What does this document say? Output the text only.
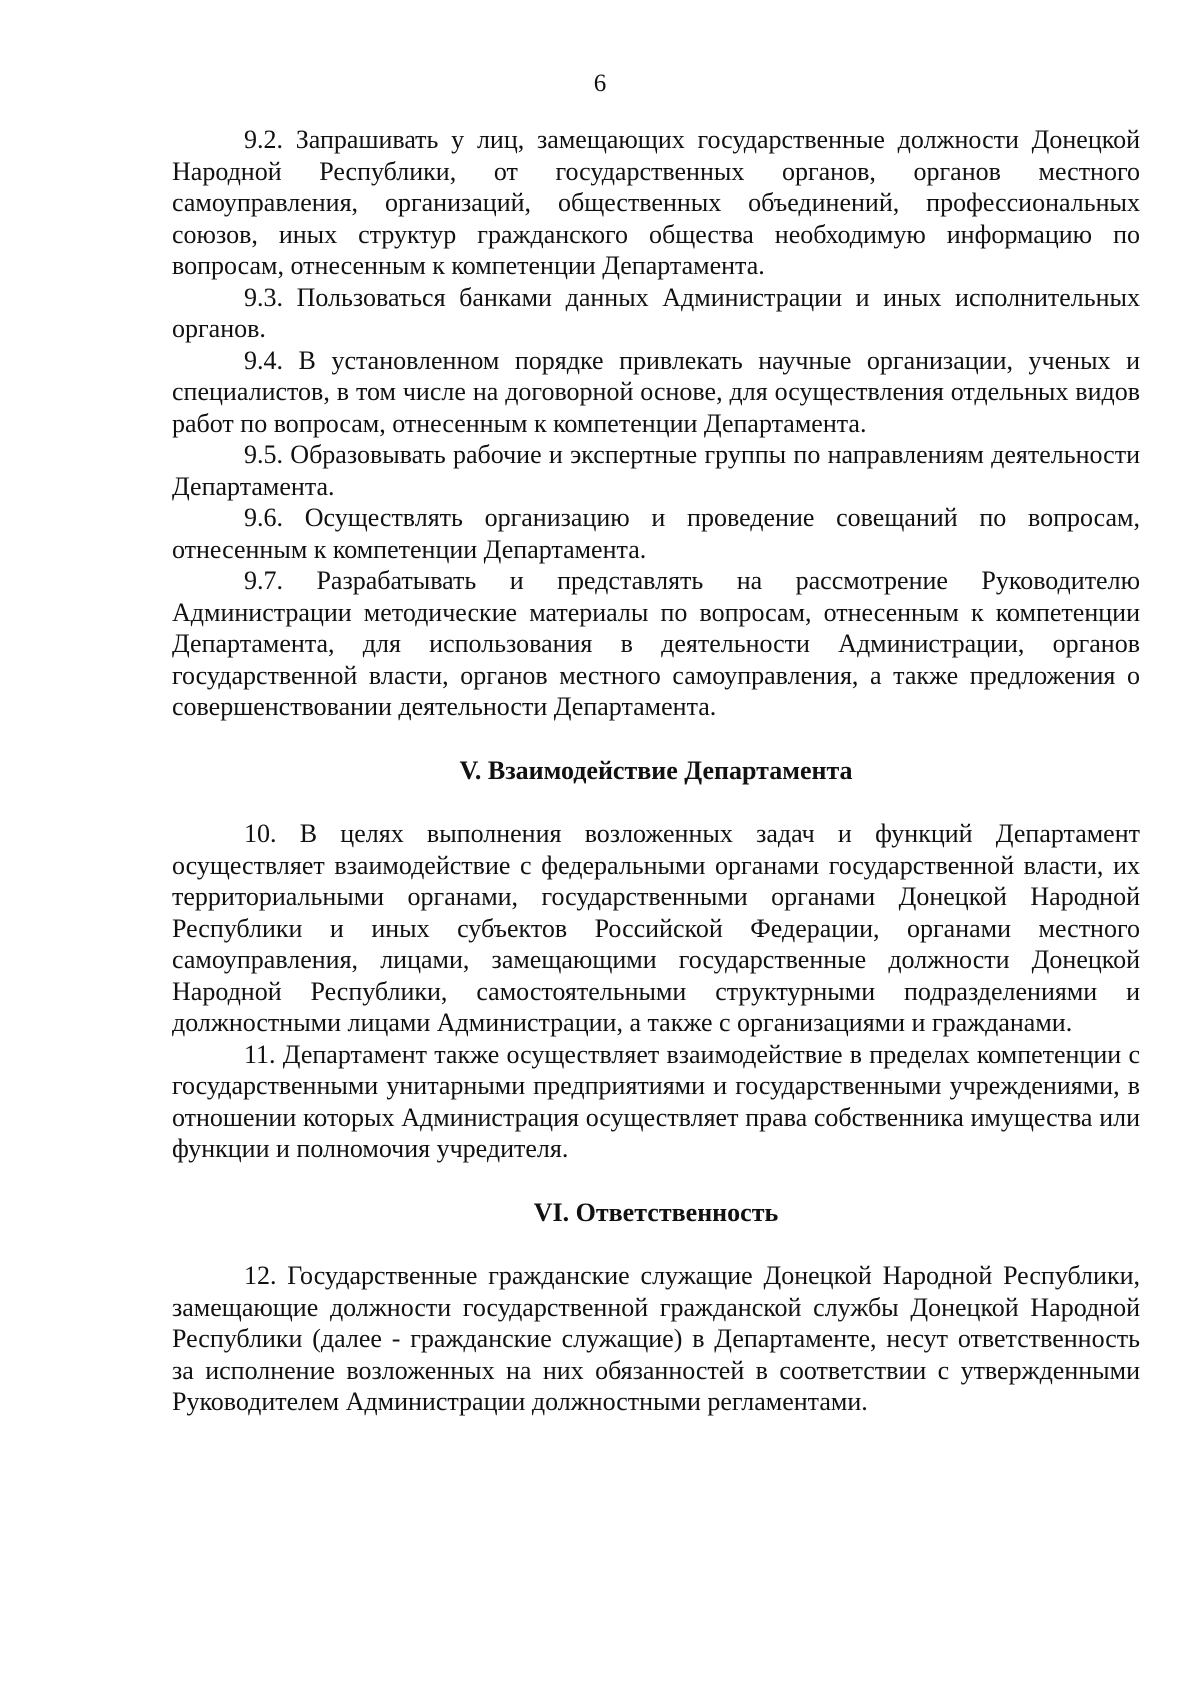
6

9.2. Запрашивать у лиц, замещающих государственные должности Донецкой Народной Республики, от государственных органов, органов местного самоуправления, организаций, общественных объединений, профессиональных союзов, иных структур гражданского общества необходимую информацию по вопросам, отнесенным к компетенции Департамента.

9.3. Пользоваться банками данных Администрации и иных исполнительных органов.

9.4. В установленном порядке привлекать научные организации, ученых и специалистов, в том числе на договорной основе, для осуществления отдельных видов работ по вопросам, отнесенным к компетенции Департамента.

9.5. Образовывать рабочие и экспертные группы по направлениям деятельности Департамента.

9.6. Осуществлять организацию и проведение совещаний по вопросам, отнесенным к компетенции Департамента.

9.7. Разрабатывать и представлять на рассмотрение Руководителю Администрации методические материалы по вопросам, отнесенным к компетенции Департамента, для использования в деятельности Администрации, органов государственной власти, органов местного самоуправления, а также предложения о совершенствовании деятельности Департамента.

V. Взаимодействие Департамента

10. В целях выполнения возложенных задач и функций Департамент осуществляет взаимодействие с федеральными органами государственной власти, их территориальными органами, государственными органами Донецкой Народной Республики и иных субъектов Российской Федерации, органами местного самоуправления, лицами, замещающими государственные должности Донецкой Народной Республики, самостоятельными структурными подразделениями и должностными лицами Администрации, а также с организациями и гражданами.

11. Департамент также осуществляет взаимодействие в пределах компетенции с государственными унитарными предприятиями и государственными учреждениями, в отношении которых Администрация осуществляет права собственника имущества или функции и полномочия учредителя.

VI. Ответственность

12. Государственные гражданские служащие Донецкой Народной Республики, замещающие должности государственной гражданской службы Донецкой Народной Республики (далее - гражданские служащие) в Департаменте, несут ответственность за исполнение возложенных на них обязанностей в соответствии с утвержденными Руководителем Администрации должностными регламентами.
